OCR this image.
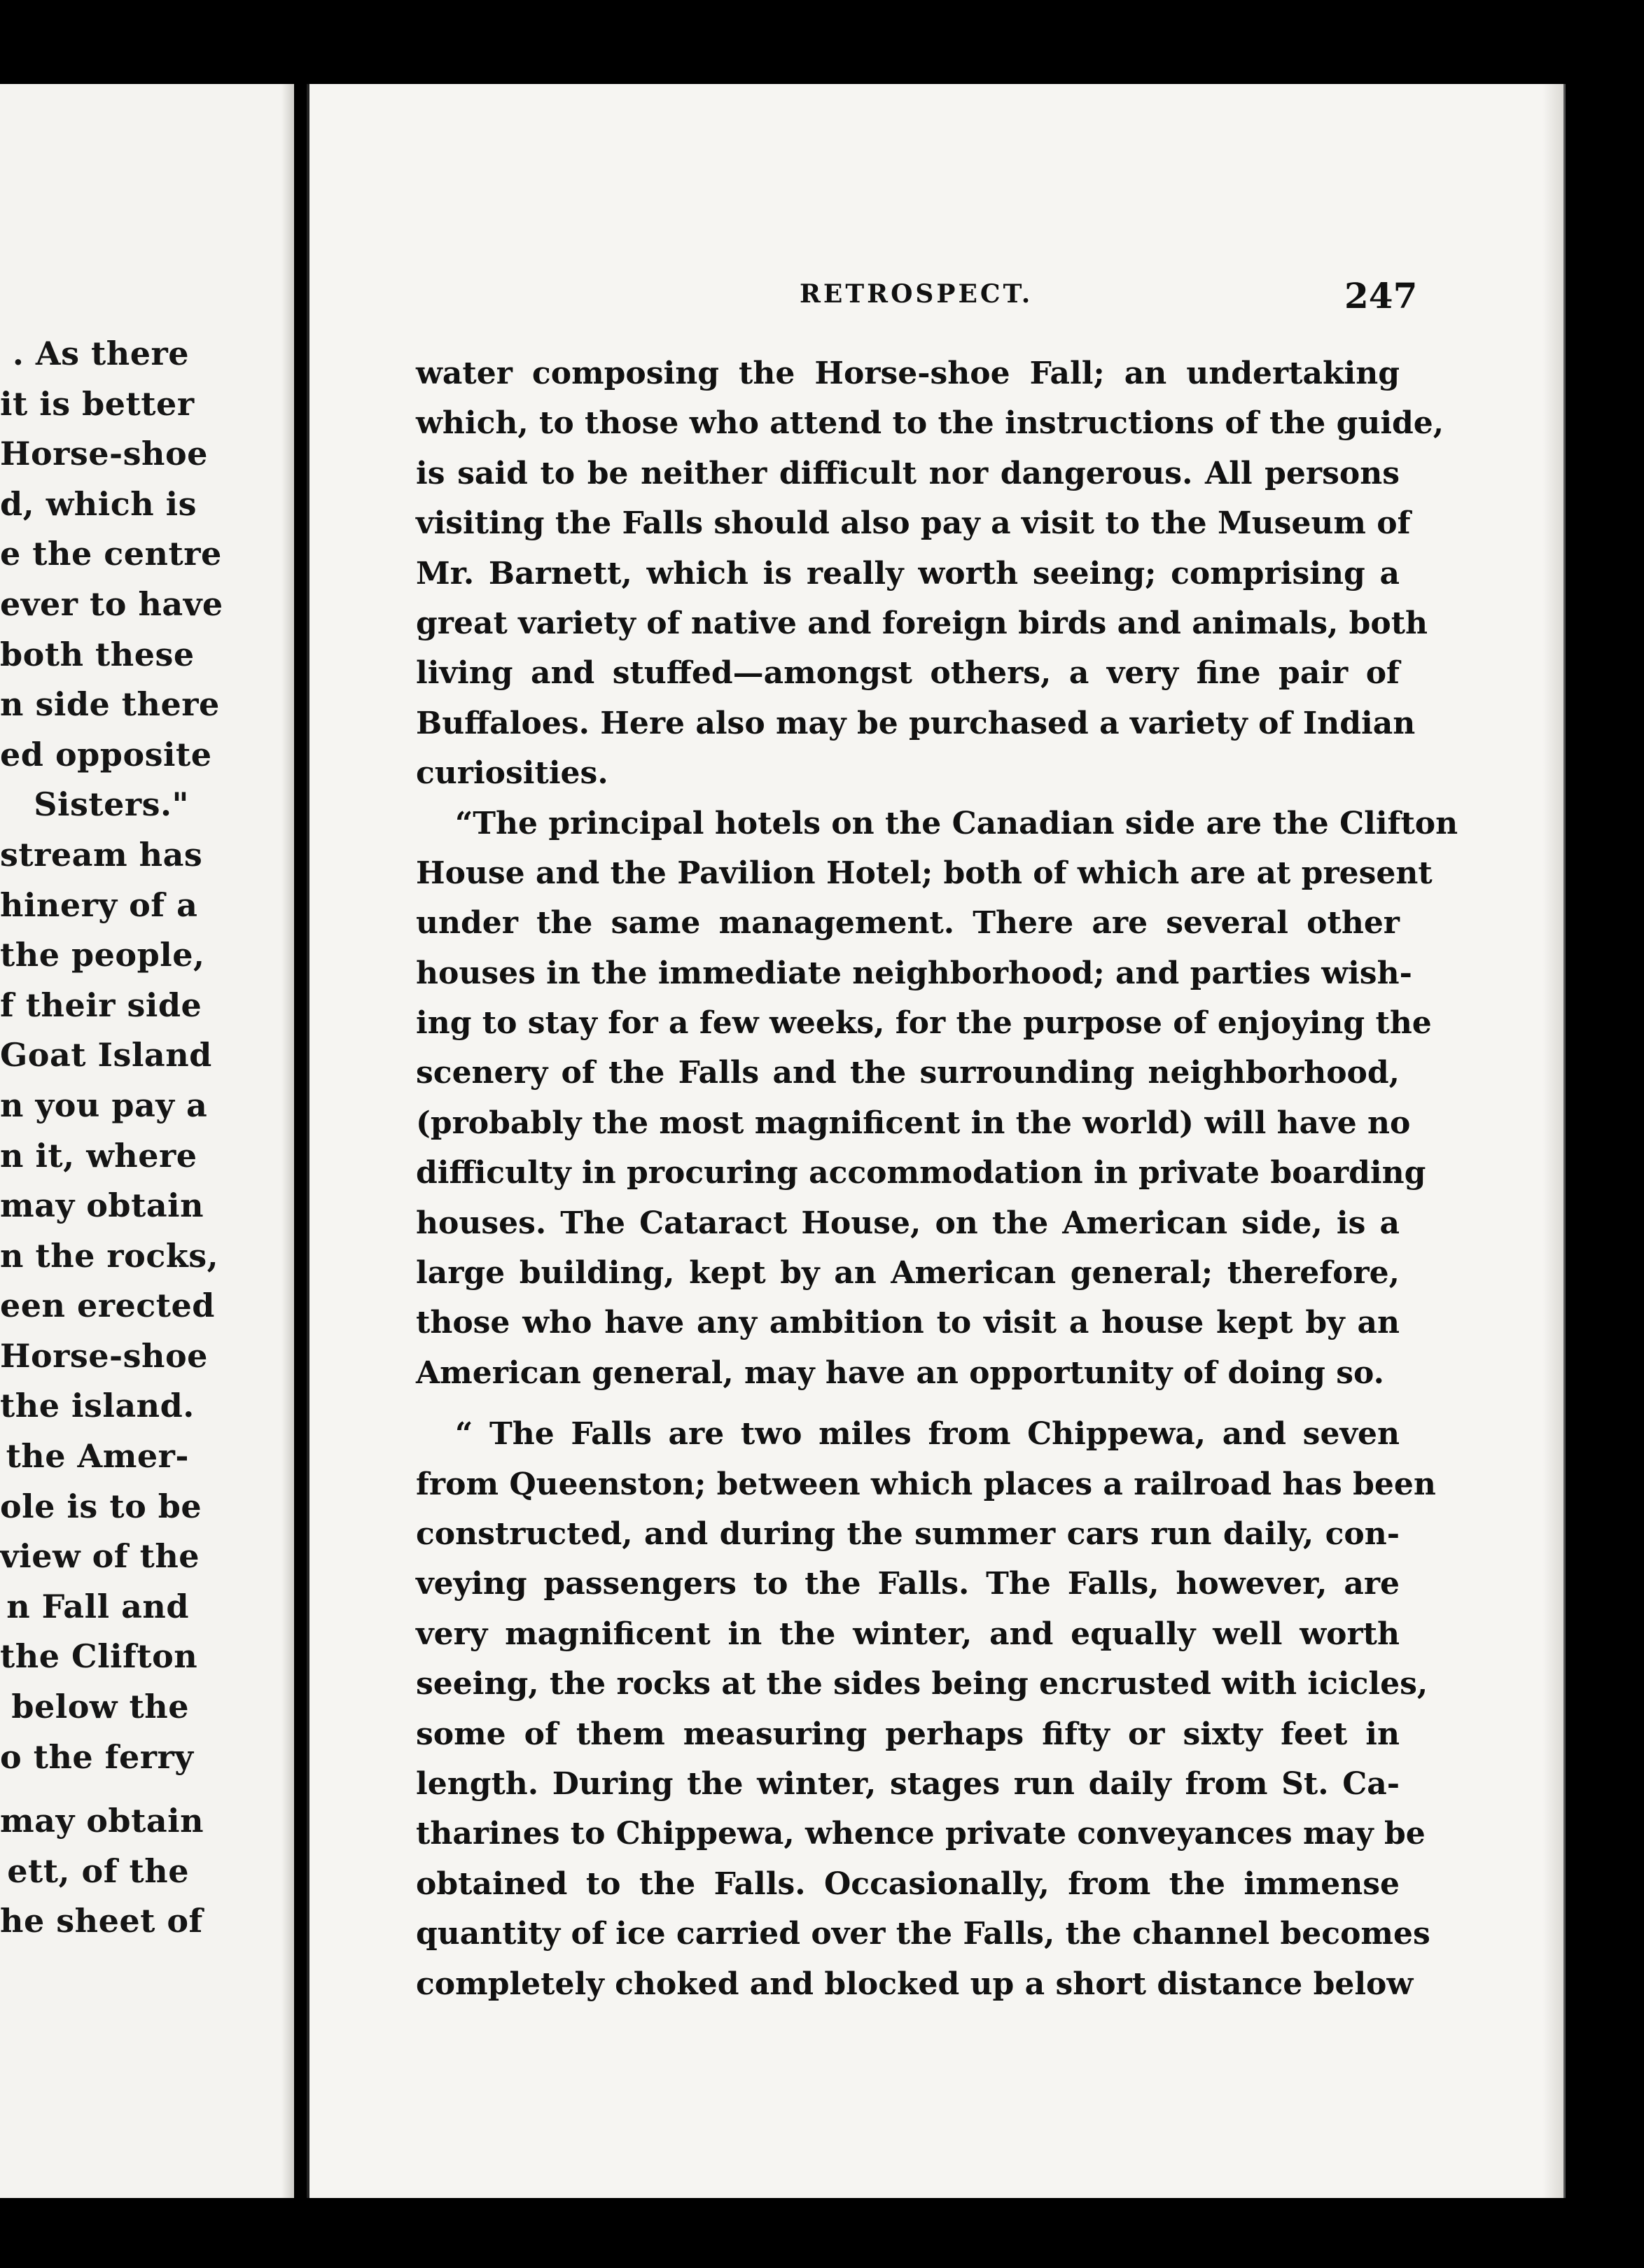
. As there
it is better
Horse-shoe
d, which is
e the centre
ever to have
both these
n side there
ed opposite
Sisters."
stream has
hinery of a
the people,
f their side
Goat Island
n you pay a
n it, where
may obtain
n the rocks,
een erected
Horse-shoe
the island.
the Amer-
ole is to be
view of the
n Fall and
the Clifton
below the
o the ferry
may obtain
ett, of the
he sheet of
RETROSPECT.	247
water composing the Horse-shoe Fall; an undertaking
which, to those who attend to the instructions of the guide,
is said to be neither difficult nor dangerous. All persons
visiting the Falls should also pay a visit to the Museum of
Mr. Barnett, which is really worth seeing; comprising a
great variety of native and foreign birds and animals, both
living and stuffed—amongst others, a very fine pair of
Buffaloes. Here also may be purchased a variety of Indian
curiosities.
“The principal hotels on the Canadian side are the Clifton
House and the Pavilion Hotel; both of which are at present
under the same management. There are several other
houses in the immediate neighborhood; and parties wish-
ing to stay for a few weeks, for the purpose of enjoying the
scenery of the Falls and the surrounding neighborhood,
(probably the most magnificent in the world) will have no
difficulty in procuring accommodation in private boarding
houses. The Cataract House, on the American side, is a
large building, kept by an American general; therefore,
those who have any ambition to visit a house kept by an
American general, may have an opportunity of doing so.
“ The Falls are two miles from Chippewa, and seven
from Queenston; between which places a railroad has been
constructed, and during the summer cars run daily, con-
veying passengers to the Falls. The Falls, however, are
very magnificent in the winter, and equally well worth
seeing, the rocks at the sides being encrusted with icicles,
some of them measuring perhaps fifty or sixty feet in
length. During the winter, stages run daily from St. Ca-
tharines to Chippewa, whence private conveyances may be
obtained to the Falls. Occasionally, from the immense
quantity of ice carried over the Falls, the channel becomes
completely choked and blocked up a short distance below
